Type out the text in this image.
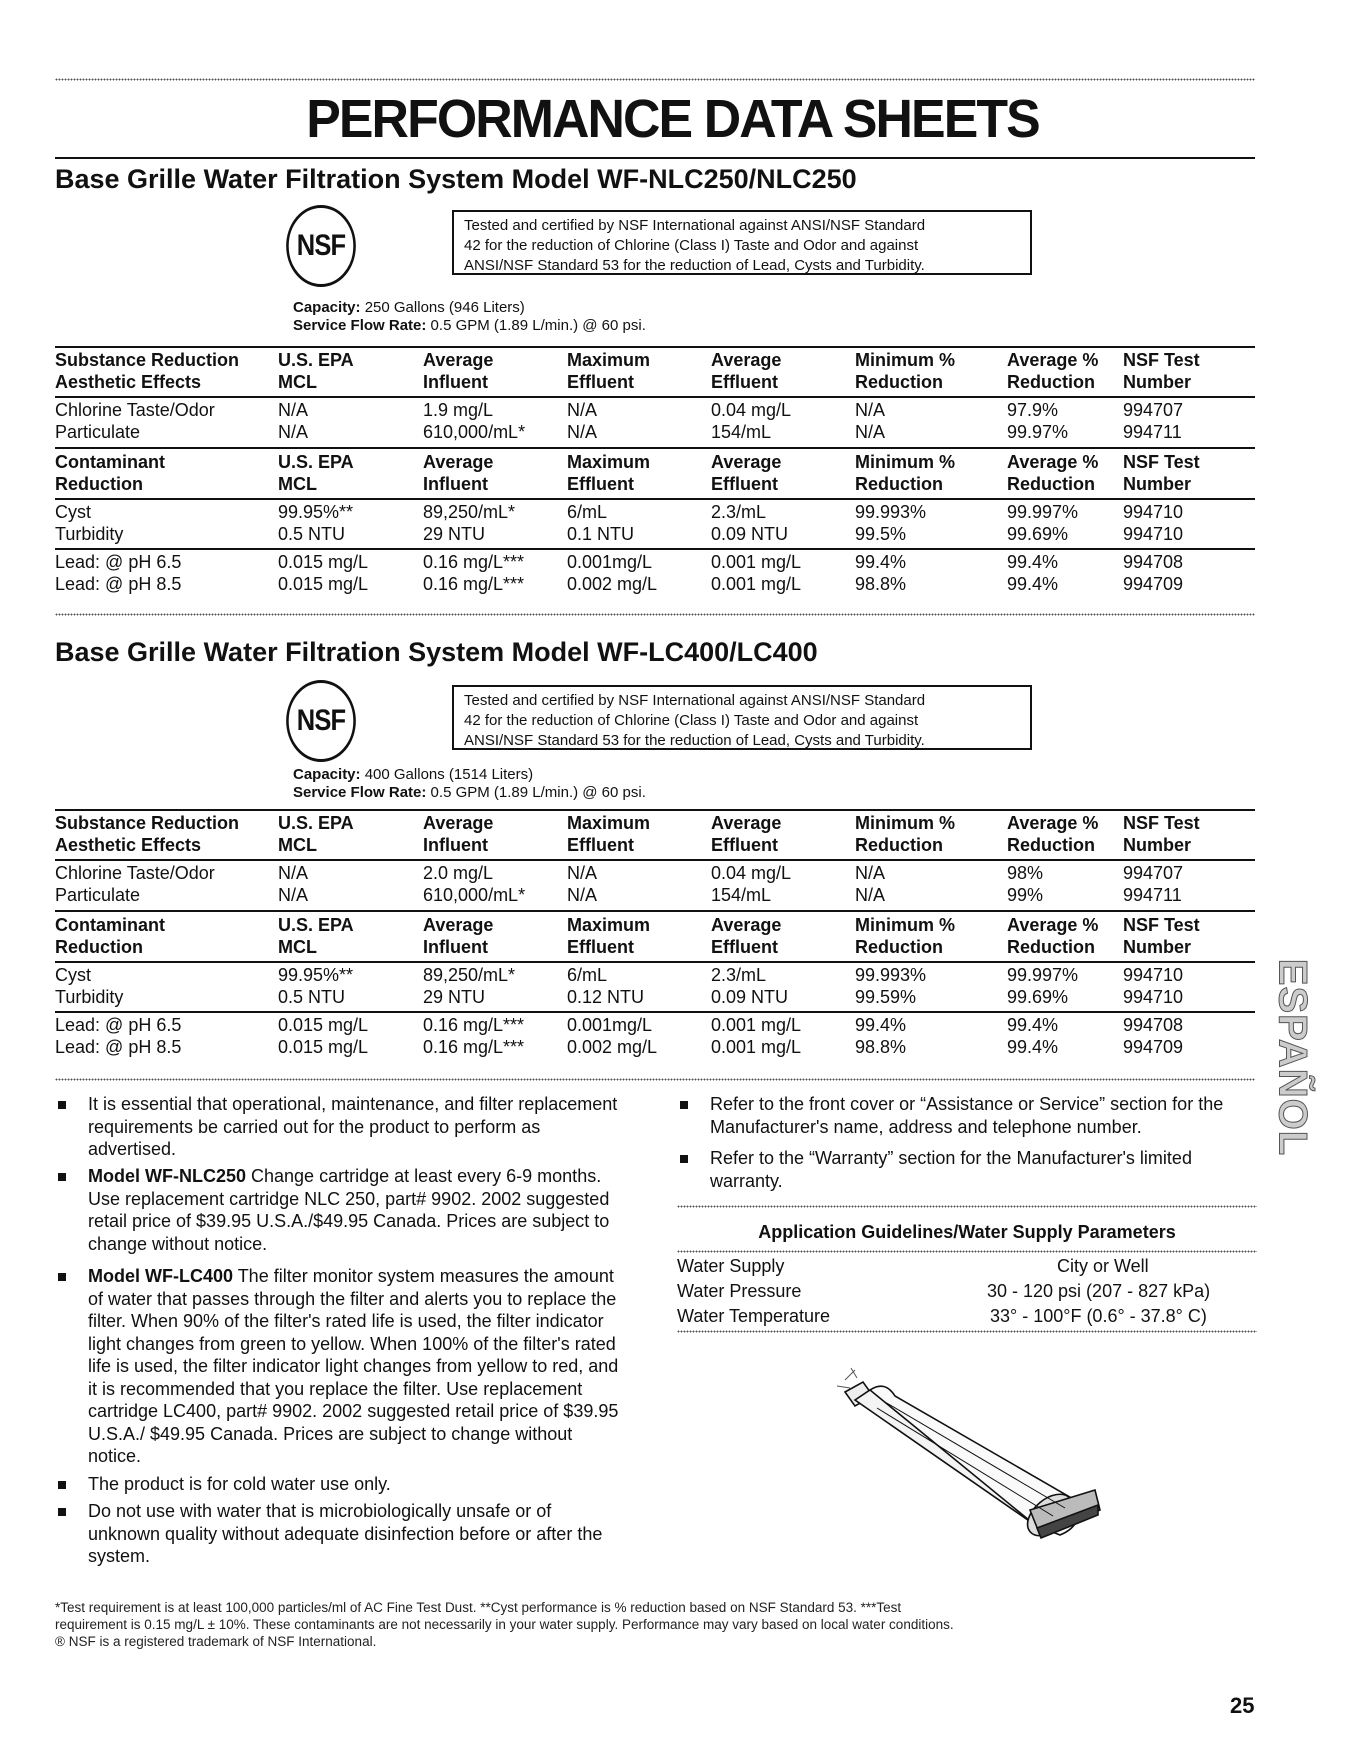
PERFORMANCE DATA SHEETS
Base Grille Water Filtration System Model WF-NLC250/NLC250
NSF
Tested and certified by NSF International against ANSI/NSF Standard
42 for the reduction of Chlorine (Class I) Taste and Odor and against
ANSI/NSF Standard 53 for the reduction of Lead, Cysts and Turbidity.
Capacity: 250 Gallons (946 Liters)
Service Flow Rate: 0.5 GPM (1.89 L/min.) @ 60 psi.
Substance Reduction U.S. EPA	Average	Maximum	Average	Minimum %	Average % NSF Test
Aesthetic Effects	MCL	Influent	Effluent	Effluent	Reduction	Reduction Number
Chlorine Taste/Odor	N/A	1.9 mg/L	N/A	0.04 mg/L	N/A	97.9%	994707
Particulate	N/A	610,000/mL* N/A	154/mL	N/A	99.97%	994711
Contaminant	U.S. EPA	Average	Maximum	Average	Minimum %	Average % NSF Test
Reduction	MCL	Influent	Effluent	Effluent	Reduction	Reduction Number
Cyst	99.95%**	89,250/mL*	6/mL	2.3/mL	99.993%	99.997% 994710
Turbidity	0.5 NTU	29 NTU	0.1 NTU	0.09 NTU	99.5%	99.69%	994710
Lead: @ pH 6.5	0.015 mg/L	0.16 mg/L*** 0.001mg/L	0.001 mg/L	99.4%	99.4%	994708
Lead: @ pH 8.5	0.015 mg/L	0.16 mg/L*** 0.002 mg/L	0.001 mg/L	98.8%	99.4%	994709
Base Grille Water Filtration System Model WF-LC400/LC400
NSF
Tested and certified by NSF International against ANSI/NSF Standard
42 for the reduction of Chlorine (Class I) Taste and Odor and against
ANSI/NSF Standard 53 for the reduction of Lead, Cysts and Turbidity.
Capacity: 400 Gallons (1514 Liters)
Service Flow Rate: 0.5 GPM (1.89 L/min.) @ 60 psi.
Substance Reduction U.S. EPA	Average	Maximum	Average	Minimum %	Average % NSF Test
Aesthetic Effects	MCL	Influent	Effluent	Effluent	Reduction	Reduction Number
Chlorine Taste/Odor	N/A	2.0 mg/L	N/A	0.04 mg/L	N/A	98%	994707
Particulate	N/A	610,000/mL* N/A	154/mL	N/A	99%	994711
Contaminant	U.S. EPA	Average	Maximum	Average	Minimum %	Average % NSF Test
Reduction	MCL	Influent	Effluent	Effluent	Reduction	Reduction Number
Cyst	99.95%**	89,250/mL*	6/mL	2.3/mL	99.993%	99.997% 994710
Turbidity	0.5 NTU	29 NTU	0.12 NTU	0.09 NTU	99.59%	99.69%	994710
Lead: @ pH 6.5	0.015 mg/L	0.16 mg/L*** 0.001mg/L	0.001 mg/L	99.4%	99.4%	994708
Lead: @ pH 8.5	0.015 mg/L	0.16 mg/L*** 0.002 mg/L	0.001 mg/L	98.8%	99.4%	994709
It is essential that operational, maintenance, and filter replacement requirements be carried out for the product to perform as advertised.
Model WF-NLC250 Change cartridge at least every 6-9 months. Use replacement cartridge NLC 250, part# 9902. 2002 suggested retail price of $39.95 U.S.A./$49.95 Canada. Prices are subject to change without notice.
Model WF-LC400 The filter monitor system measures the amount of water that passes through the filter and alerts you to replace the filter. When 90% of the filter's rated life is used, the filter indicator light changes from green to yellow. When 100% of the filter's rated life is used, the filter indicator light changes from yellow to red, and it is recommended that you replace the filter. Use replacement cartridge LC400, part# 9902. 2002 suggested retail price of $39.95 U.S.A./ $49.95 Canada. Prices are subject to change without notice.
The product is for cold water use only.
Do not use with water that is microbiologically unsafe or of unknown quality without adequate disinfection before or after the system.
Refer to the front cover or “Assistance or Service” section for the Manufacturer's name, address and telephone number.
Refer to the “Warranty” section for the Manufacturer's limited warranty.
Application Guidelines/Water Supply Parameters
Water Supply	City or Well
Water Pressure	30 - 120 psi (207 - 827 kPa)
Water Temperature	33° - 100°F (0.6° - 37.8° C)
ESPAÑOL
*Test requirement is at least 100,000 particles/ml of AC Fine Test Dust. **Cyst performance is % reduction based on NSF Standard 53. ***Test
requirement is 0.15 mg/L ± 10%. These contaminants are not necessarily in your water supply. Performance may vary based on local water conditions.
® NSF is a registered trademark of NSF International.
25
